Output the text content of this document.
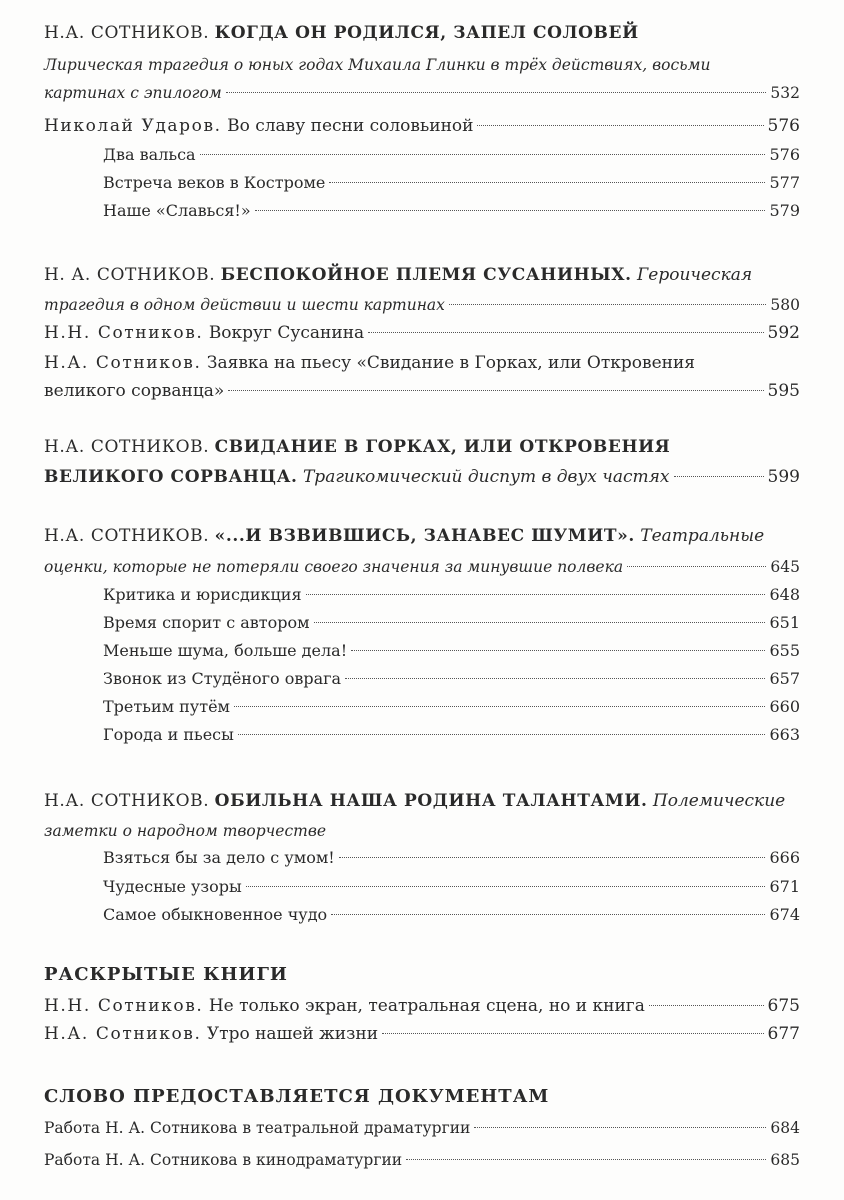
Н.А. СОТНИКОВ. КОГДА ОН РОДИЛСЯ, ЗАПЕЛ СОЛОВЕЙ
Лирическая трагедия о юных годах Михаила Глинки в трёх действиях, восьми
картинах с эпилогом	532
Николай Ударов. Во славу песни соловьиной	576
Два вальса	576
Встреча веков в Костроме	577
Наше «Славься!»	579
Н. А. СОТНИКОВ. БЕСПОКОЙНОЕ ПЛЕМЯ СУСАНИНЫХ. Героическая
трагедия в одном действии и шести картинах	580
Н.Н. Сотников. Вокруг Сусанина	592
Н.А. Сотников. Заявка на пьесу «Свидание в Горках, или Откровения
великого сорванца»	595
Н.А. СОТНИКОВ. СВИДАНИЕ В ГОРКАХ, ИЛИ ОТКРОВЕНИЯ
ВЕЛИКОГО СОРВАНЦА. Трагикомический диспут в двух частях	599
Н.А. СОТНИКОВ. «...И ВЗВИВШИСЬ, ЗАНАВЕС ШУМИТ». Театральные
оценки, которые не потеряли своего значения за минувшие полвека	645
Критика и юрисдикция	648
Время спорит с автором	651
Меньше шума, больше дела!	655
Звонок из Студёного оврага	657
Третьим путём	660
Города и пьесы	663
Н.А. СОТНИКОВ. ОБИЛЬНА НАША РОДИНА ТАЛАНТАМИ. Полемические
заметки о народном творчестве
Взяться бы за дело с умом!	666
Чудесные узоры	671
Самое обыкновенное чудо	674
РАСКРЫТЫЕ КНИГИ
Н.Н. Сотников. Не только экран, театральная сцена, но и книга	675
Н.А. Сотников. Утро нашей жизни	677
СЛОВО ПРЕДОСТАВЛЯЕТСЯ ДОКУМЕНТАМ
Работа Н. А. Сотникова в театральной драматургии	684
Работа Н. А. Сотникова в кинодраматургии	685
